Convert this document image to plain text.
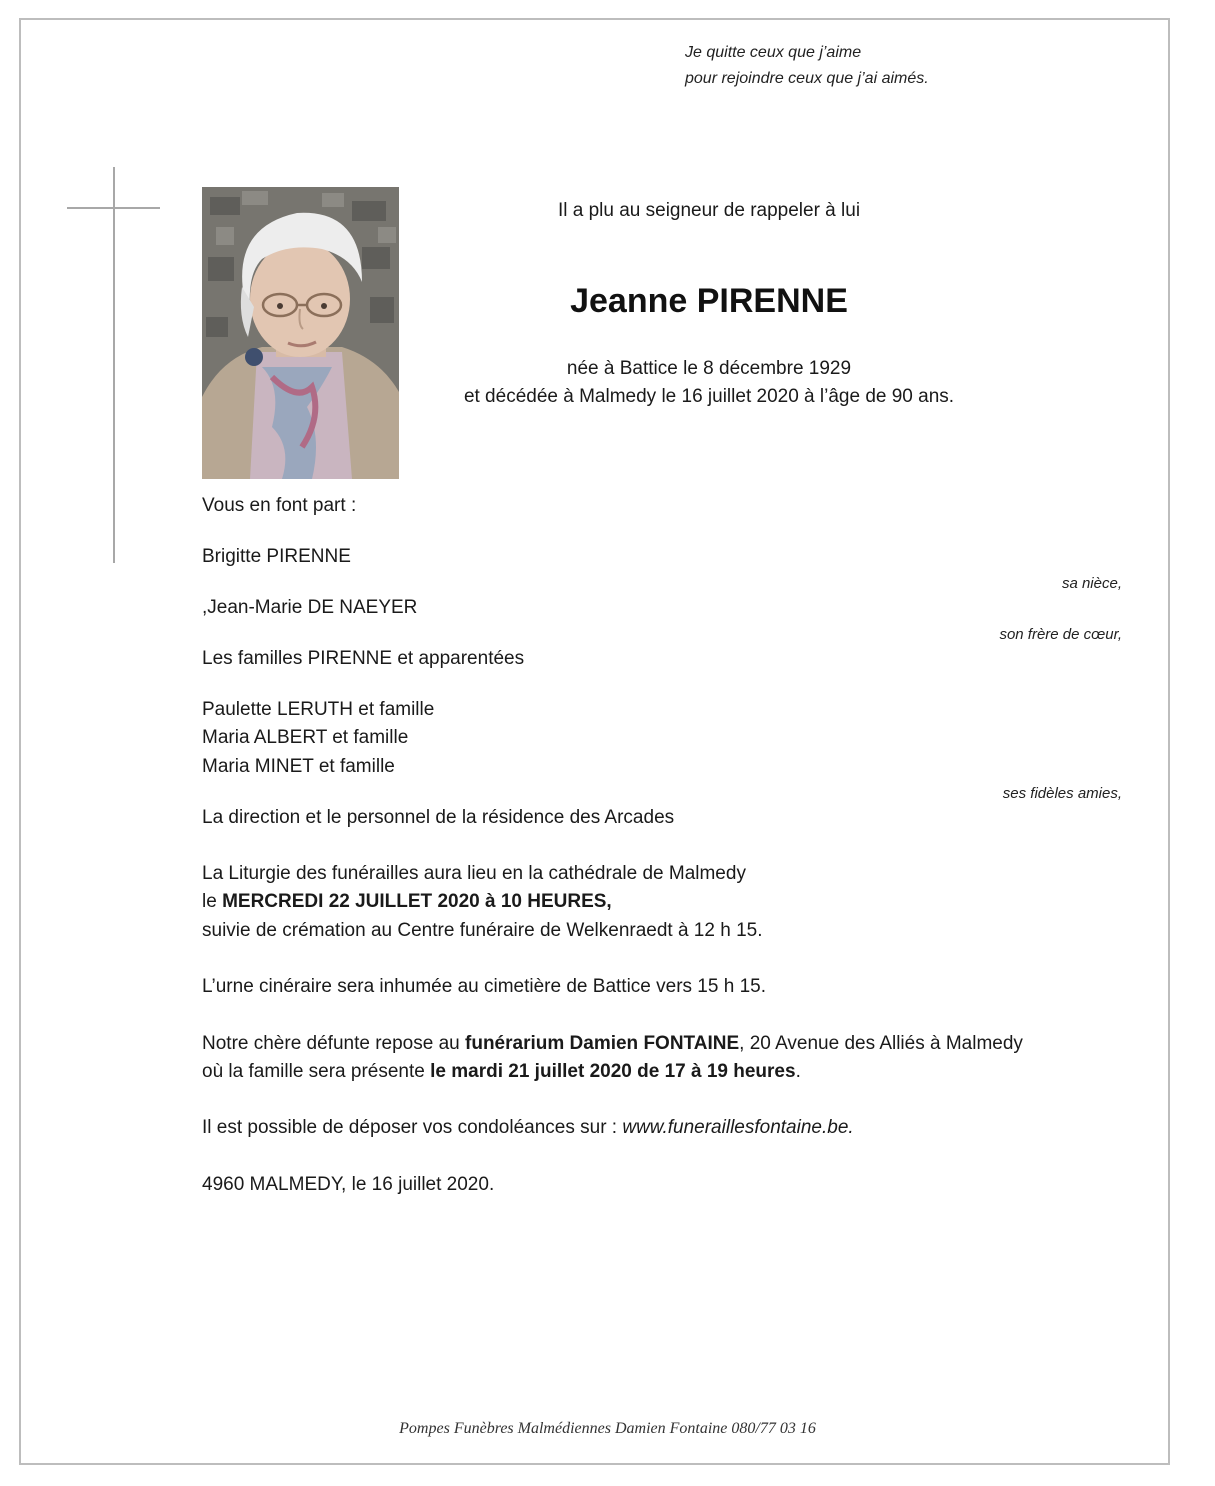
Je quitte ceux que j’aime
pour rejoindre ceux que j’ai aimés.
Il a plu au seigneur de rappeler à lui
Jeanne PIRENNE
née à Battice le 8 décembre 1929
et décédée à Malmedy le 16 juillet 2020 à l’âge de 90 ans.
Vous en font part :
Brigitte PIRENNE
sa nièce,
,Jean-Marie DE NAEYER
son frère de cœur,
Les familles PIRENNE et apparentées
Paulette LERUTH et famille
Maria ALBERT et famille
Maria MINET et famille
ses fidèles amies,
La direction et le personnel de la résidence des Arcades
La Liturgie des funérailles aura lieu en la cathédrale de Malmedy
le MERCREDI 22 JUILLET 2020 à 10 HEURES,
suivie de crémation au Centre funéraire de Welkenraedt à 12 h 15.
L’urne cinéraire sera inhumée au cimetière de Battice vers 15 h 15.
Notre chère défunte repose au funérarium Damien FONTAINE, 20 Avenue des Alliés à Malmedy
où la famille sera présente le mardi 21 juillet 2020 de 17 à 19 heures.
Il est possible de déposer vos condoléances sur : www.funeraillesfontaine.be.
4960 MALMEDY, le 16 juillet 2020.
Pompes Funèbres Malmédiennes Damien Fontaine 080/77 03 16
